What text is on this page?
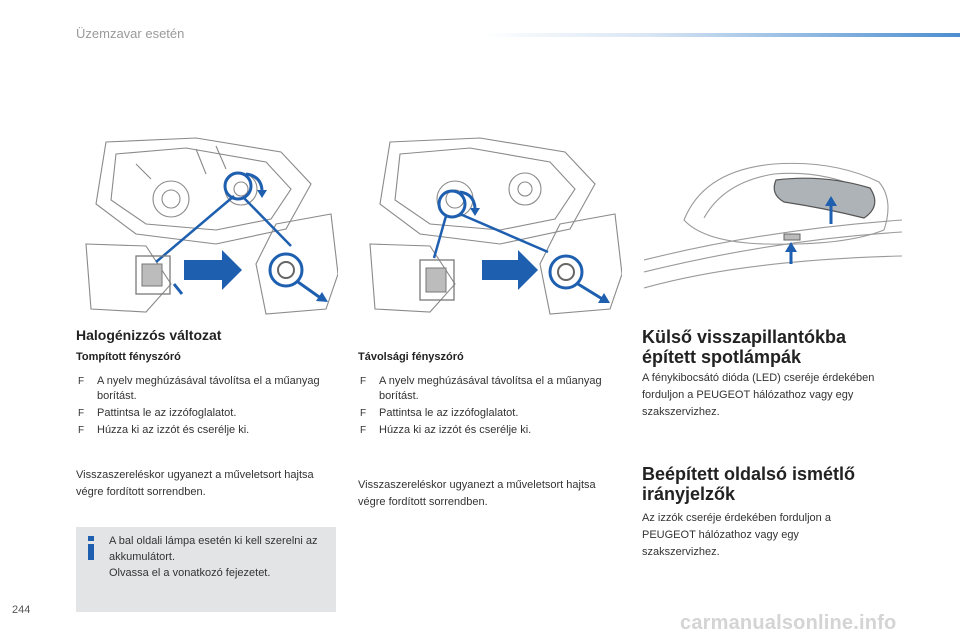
Üzemzavar esetén
Halogénizzós változat
Tompított fényszóró
F A nyelv meghúzásával távolítsa el a műanyag borítást.
F Pattintsa le az izzófoglalatot.
F Húzza ki az izzót és cserélje ki.
Visszaszereléskor ugyanezt a műveletsort hajtsa végre fordított sorrendben.
A bal oldali lámpa esetén ki kell szerelni az akkumulátort.
Olvassa el a vonatkozó fejezetet.
Távolsági fényszóró
F A nyelv meghúzásával távolítsa el a műanyag borítást.
F Pattintsa le az izzófoglalatot.
F Húzza ki az izzót és cserélje ki.
Visszaszereléskor ugyanezt a műveletsort hajtsa végre fordított sorrendben.
Külső visszapillantókba
épített spotlámpák
A fénykibocsátó dióda (LED) cseréje érdekében forduljon a PEUGEOT hálózathoz vagy egy szakszervizhez.
Beépített oldalsó ismétlő
irányjelzők
Az izzók cseréje érdekében forduljon a PEUGEOT hálózathoz vagy egy szakszervizhez.
244
carmanualsonline.info
